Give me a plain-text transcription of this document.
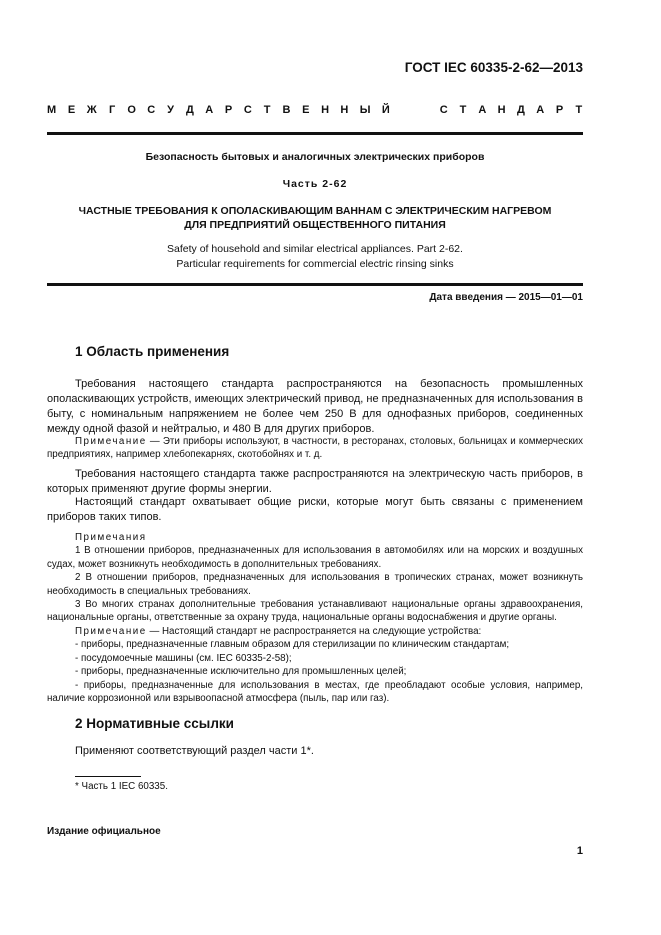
ГОСТ IEC 60335-2-62—2013
М Е Ж Г О С У Д А Р С Т В Е Н Н Ы Й	С Т А Н Д А Р Т
Безопасность бытовых и аналогичных электрических приборов
Часть 2-62
ЧАСТНЫЕ ТРЕБОВАНИЯ К ОПОЛАСКИВАЮЩИМ ВАННАМ С ЭЛЕКТРИЧЕСКИМ НАГРЕВОМ
ДЛЯ ПРЕДПРИЯТИЙ ОБЩЕСТВЕННОГО ПИТАНИЯ
Safety of household and similar electrical appliances. Part 2-62.
Particular requirements for commercial electric rinsing sinks
Дата введения — 2015—01—01
1 Область применения
Требования настоящего стандарта распространяются на безопасность промышленных ополаскивающих устройств, имеющих электрический привод, не предназначенных для использования в быту, с номинальным напряжением не более чем 250 В для однофазных приборов, соединенных между одной фазой и нейтралью, и 480 В для других приборов.
Примечание — Эти приборы используют, в частности, в ресторанах, столовых, больницах и коммерческих предприятиях, например хлебопекарнях, скотобойнях и т. д.
Требования настоящего стандарта также распространяются на электрическую часть приборов, в которых применяют другие формы энергии.
Настоящий стандарт охватывает общие риски, которые могут быть связаны с применением приборов таких типов.
Примечания
1 В отношении приборов, предназначенных для использования в автомобилях или на морских и воздушных судах, может возникнуть необходимость в дополнительных требованиях.
2 В отношении приборов, предназначенных для использования в тропических странах, может возникнуть необходимость в специальных требованиях.
3 Во многих странах дополнительные требования устанавливают национальные органы здравоохранения, национальные органы, ответственные за охрану труда, национальные органы водоснабжения и другие органы.
Примечание — Настоящий стандарт не распространяется на следующие устройства:
- приборы, предназначенные главным образом для стерилизации по клиническим стандартам;
- посудомоечные машины (см. IEC 60335-2-58);
- приборы, предназначенные исключительно для промышленных целей;
- приборы, предназначенные для использования в местах, где преобладают особые условия, например, наличие коррозионной или взрывоопасной атмосфера (пыль, пар или газ).
2 Нормативные ссылки
Применяют соответствующий раздел части 1*.
* Часть 1 IEC 60335.
Издание официальное
1
